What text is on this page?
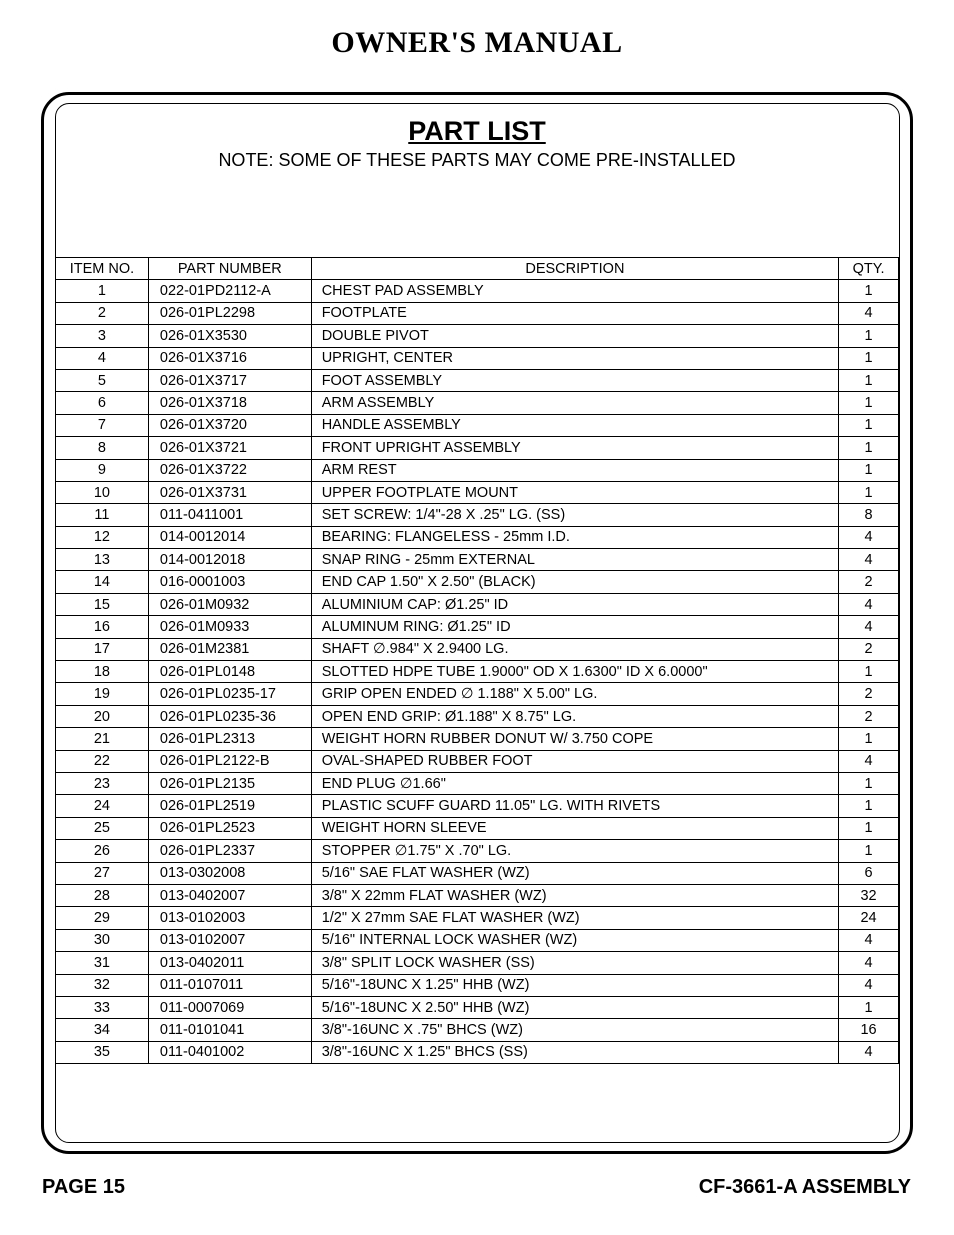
OWNER'S MANUAL
PART LIST
NOTE: SOME OF THESE PARTS MAY COME PRE-INSTALLED
ITEM NO.	PART NUMBER	DESCRIPTION	QTY.
1	022-01PD2112-A	CHEST PAD ASSEMBLY	1
2	026-01PL2298	FOOTPLATE	4
3	026-01X3530	DOUBLE PIVOT	1
4	026-01X3716	UPRIGHT, CENTER	1
5	026-01X3717	FOOT ASSEMBLY	1
6	026-01X3718	ARM ASSEMBLY	1
7	026-01X3720	HANDLE ASSEMBLY	1
8	026-01X3721	FRONT UPRIGHT ASSEMBLY	1
9	026-01X3722	ARM REST	1
10	026-01X3731	UPPER FOOTPLATE MOUNT	1
11	011-0411001	SET SCREW: 1/4"-28 X .25" LG. (SS)	8
12	014-0012014	BEARING: FLANGELESS - 25mm I.D.	4
13	014-0012018	SNAP RING - 25mm EXTERNAL	4
14	016-0001003	END CAP 1.50" X 2.50" (BLACK)	2
15	026-01M0932	ALUMINIUM CAP: Ø1.25" ID	4
16	026-01M0933	ALUMINUM RING: Ø1.25" ID	4
17	026-01M2381	SHAFT ∅.984" X 2.9400 LG.	2
18	026-01PL0148	SLOTTED HDPE TUBE 1.9000" OD X 1.6300" ID X 6.0000"	1
19	026-01PL0235-17	GRIP OPEN ENDED ∅ 1.188" X 5.00" LG.	2
20	026-01PL0235-36	OPEN END GRIP: Ø1.188" X 8.75" LG.	2
21	026-01PL2313	WEIGHT HORN RUBBER DONUT W/ 3.750 COPE	1
22	026-01PL2122-B	OVAL-SHAPED RUBBER FOOT	4
23	026-01PL2135	END PLUG ∅1.66"	1
24	026-01PL2519	PLASTIC SCUFF GUARD 11.05" LG. WITH RIVETS	1
25	026-01PL2523	WEIGHT HORN SLEEVE	1
26	026-01PL2337	STOPPER ∅1.75" X .70" LG.	1
27	013-0302008	5/16" SAE FLAT WASHER (WZ)	6
28	013-0402007	3/8" X 22mm FLAT WASHER (WZ)	32
29	013-0102003	1/2" X 27mm SAE FLAT WASHER (WZ)	24
30	013-0102007	5/16" INTERNAL LOCK WASHER (WZ)	4
31	013-0402011	3/8" SPLIT LOCK WASHER (SS)	4
32	011-0107011	5/16"-18UNC X 1.25" HHB (WZ)	4
33	011-0007069	5/16"-18UNC X 2.50" HHB (WZ)	1
34	011-0101041	3/8"-16UNC X .75" BHCS (WZ)	16
35	011-0401002	3/8"-16UNC X 1.25" BHCS (SS)	4
PAGE 15	CF-3661-A ASSEMBLY
